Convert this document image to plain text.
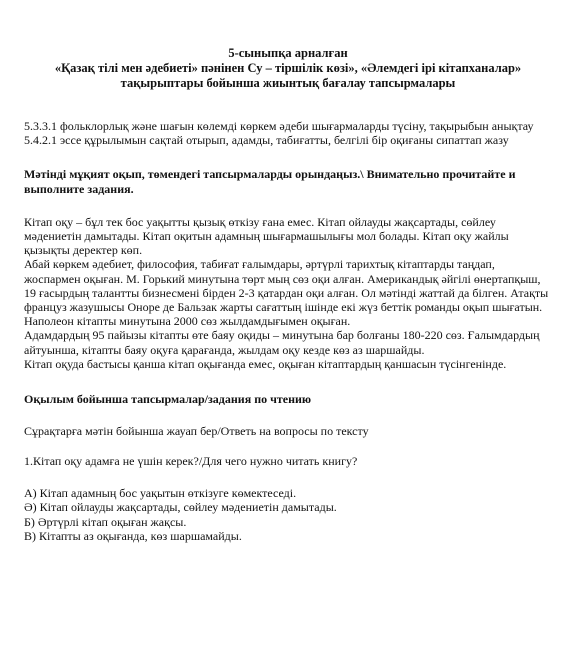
5-сыныпқа арналған
«Қазақ тілі мен әдебиеті» пәнінен Су – тіршілік көзі», «Әлемдегі ірі кітапханалар»
тақырыптары бойынша жиынтық бағалау тапсырмалары

5.3.3.1 фольклорлық және шағын көлемді көркем әдеби шығармаларды түсіну, тақырыбын анықтау

5.4.2.1 эссе құрылымын сақтай отырып, адамды, табиғатты, белгілі бір оқиғаны сипаттап жазу

Мәтінді мұқият оқып, төмендегі тапсырмаларды орындаңыз.\ Внимательно прочитайте и выполните задания.

Кітап оқу – бұл тек бос уақытты қызық өткізу ғана емес. Кітап ойлауды жақсартады, сөйлеу мәдениетін дамытады. Кітап оқитын адамның шығармашылығы мол болады. Кітап оқу жайлы қызықты деректер көп.

Абай көркем әдебиет, философия, табиғат ғалымдары, әртүрлі тарихтық кітаптарды таңдап, жоспармен оқыған. М. Горький минутына төрт мың сөз оқи алған. Американдық әйгілі өнертапқыш, 19 ғасырдың талантты бизнесмені бірден 2-3 қатардан оқи алған. Ол мәтінді жаттай да білген. Атақты француз жазушысы Оноре де Бальзак жарты сағаттың ішінде екі жүз беттік романды оқып шығатын. Наполеон кітапты минутына 2000 сөз жылдамдығымен оқыған.

Адамдардың 95 пайызы кітапты өте баяу оқиды – минутына бар болғаны 180-220 сөз. Ғалымдардың айтуынша, кітапты баяу оқуға қарағанда, жылдам оқу кезде көз аз шаршайды.

Кітап оқуда бастысы қанша кітап оқығанда емес, оқыған кітаптардың қаншасын түсінгенінде.

Оқылым бойынша тапсырмалар/задания по чтению

Сұрақтарға мәтін бойынша жауап бер/Ответь на вопросы по тексту

1.Кітап оқу адамға не үшін керек?/Для чего нужно читать книгу?

А) Кітап адамның бос уақытын өткізуге көмектеседі.

Ә) Кітап ойлауды жақсартады, сөйлеу мәдениетін дамытады.

Б) Әртүрлі кітап оқыған жақсы.

В) Кітапты аз оқығанда, көз шаршамайды.
